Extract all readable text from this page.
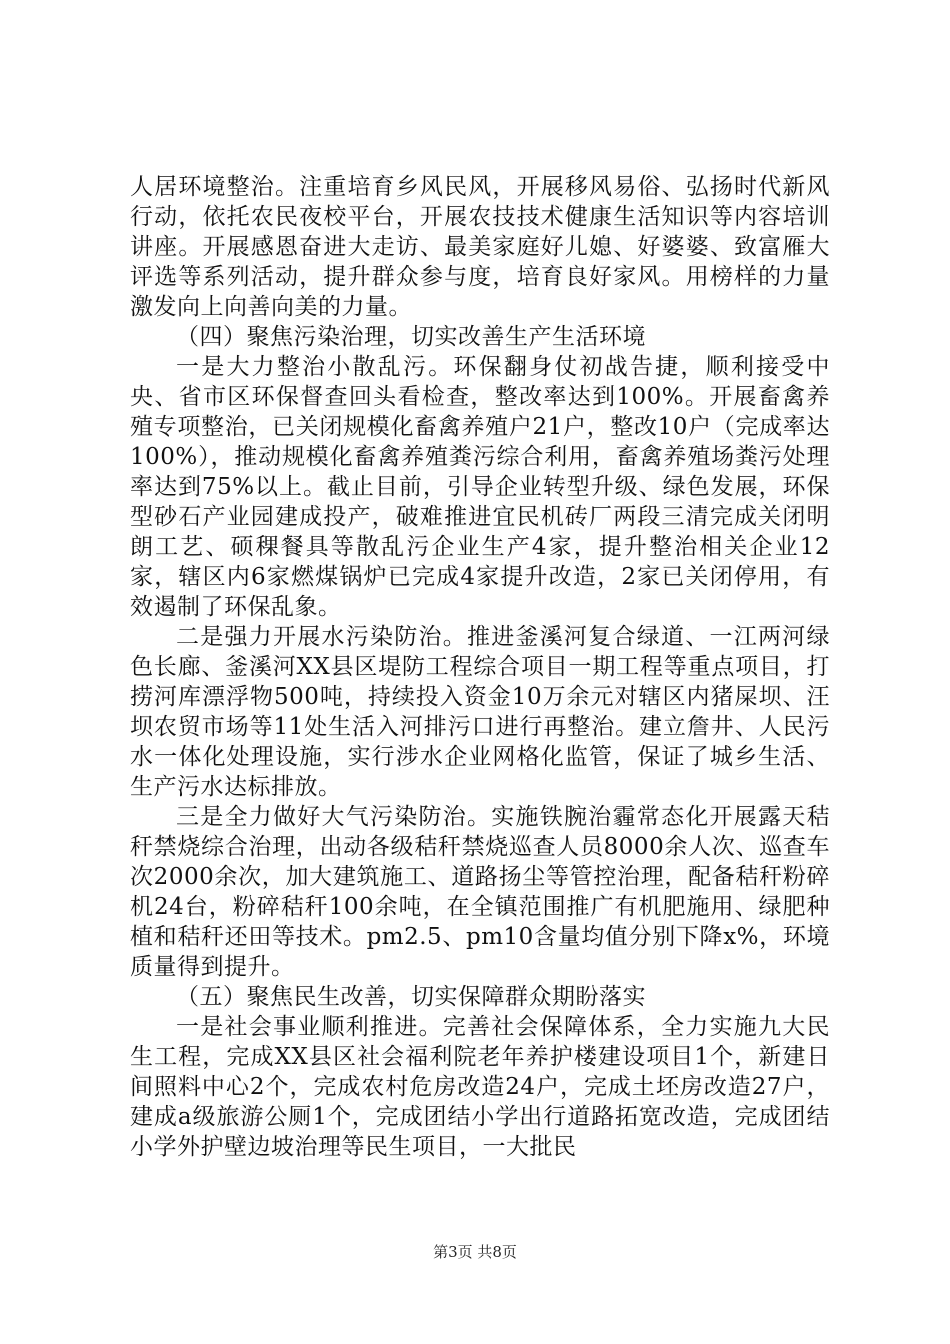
人居环境整治。注重培育乡风民风，开展移风易俗、弘扬时代新风行动，依托农民夜校平台，开展农技技术健康生活知识等内容培训讲座。开展感恩奋进大走访、最美家庭好儿媳、好婆婆、致富雁大评选等系列活动，提升群众参与度，培育良好家风。用榜样的力量激发向上向善向美的力量。

（四）聚焦污染治理，切实改善生产生活环境

一是大力整治小散乱污。环保翻身仗初战告捷，顺利接受中央、省市区环保督查回头看检查，整改率达到100%。开展畜禽养殖专项整治，已关闭规模化畜禽养殖户21户，整改10户（完成率达100%），推动规模化畜禽养殖粪污综合利用，畜禽养殖场粪污处理率达到75%以上。截止目前，引导企业转型升级、绿色发展，环保型砂石产业园建成投产，破难推进宜民机砖厂两段三清完成关闭明朗工艺、硕稞餐具等散乱污企业生产4家，提升整治相关企业12家，辖区内6家燃煤锅炉已完成4家提升改造，2家已关闭停用，有效遏制了环保乱象。

二是强力开展水污染防治。推进釜溪河复合绿道、一江两河绿色长廊、釜溪河XX县区堤防工程综合项目一期工程等重点项目，打捞河库漂浮物500吨，持续投入资金10万余元对辖区内猪屎坝、汪坝农贸市场等11处生活入河排污口进行再整治。建立詹井、人民污水一体化处理设施，实行涉水企业网格化监管，保证了城乡生活、生产污水达标排放。

三是全力做好大气污染防治。实施铁腕治霾常态化开展露天秸秆禁烧综合治理，出动各级秸秆禁烧巡查人员8000余人次、巡查车次2000余次，加大建筑施工、道路扬尘等管控治理，配备秸秆粉碎机24台，粉碎秸秆100余吨，在全镇范围推广有机肥施用、绿肥种植和秸秆还田等技术。pm2.5、pm10含量均值分别下降x%，环境质量得到提升。

（五）聚焦民生改善，切实保障群众期盼落实

一是社会事业顺利推进。完善社会保障体系，全力实施九大民生工程，完成XX县区社会福利院老年养护楼建设项目1个，新建日间照料中心2个，完成农村危房改造24户，完成土坯房改造27户，建成a级旅游公厕1个，完成团结小学出行道路拓宽改造，完成团结小学外护壁边坡治理等民生项目，一大批民

第3页 共8页
